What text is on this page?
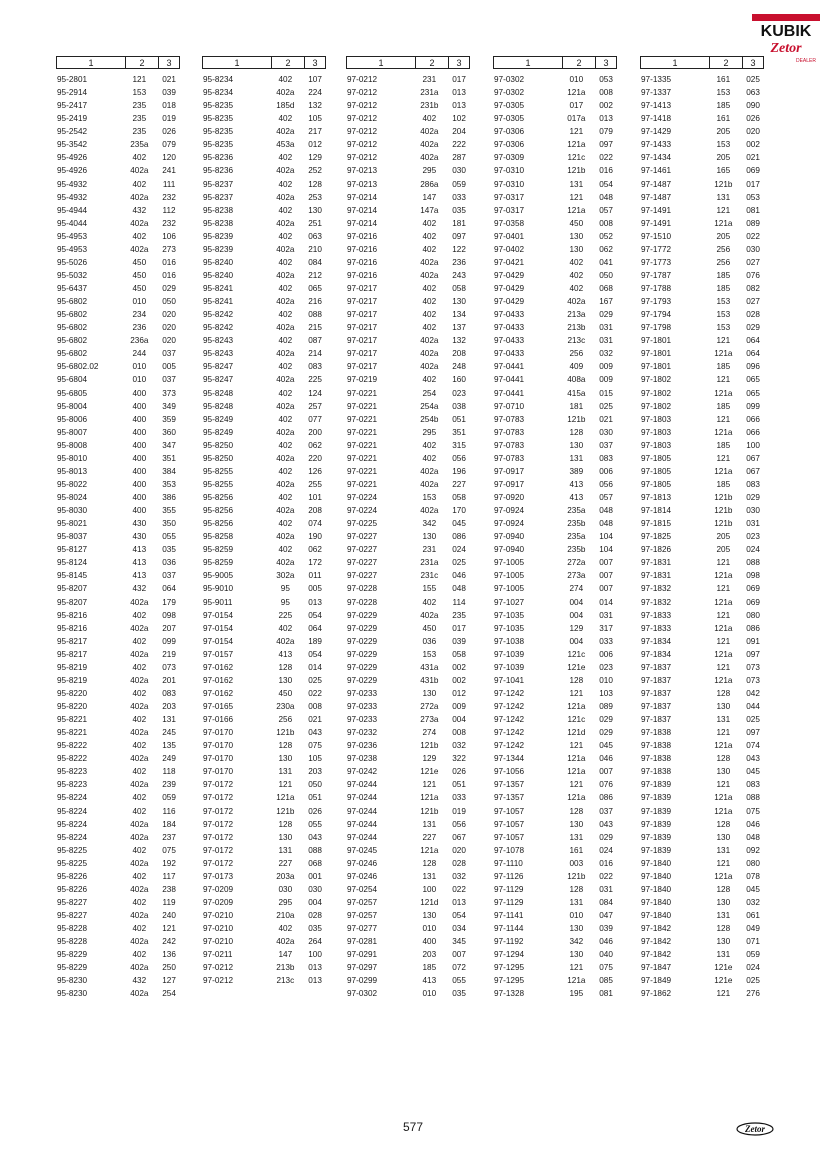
KUBIK
Zetor
DEALER
1	2	3
95-2801	121	021
95-2914	153	039
95-2417	235	018
95-2419	235	019
95-2542	235	026
95-3542	235a	079
95-4926	402	120
95-4926	402a	241
95-4932	402	111
95-4932	402a	232
95-4944	432	112
95-4044	402a	232
95-4953	402	106
95-4953	402a	273
95-5026	450	016
95-5032	450	016
95-6437	450	029
95-6802	010	050
95-6802	234	020
95-6802	236	020
95-6802	236a	020
95-6802	244	037
95-6802.02	010	005
95-6804	010	037
95-6805	400	373
95-8004	400	349
95-8006	400	359
95-8007	400	360
95-8008	400	347
95-8010	400	351
95-8013	400	384
95-8022	400	353
95-8024	400	386
95-8030	400	355
95-8021	430	350
95-8037	430	055
95-8127	413	035
95-8124	413	036
95-8145	413	037
95-8207	432	064
95-8207	402a	179
95-8216	402	098
95-8216	402a	207
95-8217	402	099
95-8217	402a	219
95-8219	402	073
95-8219	402a	201
95-8220	402	083
95-8220	402a	203
95-8221	402	131
95-8221	402a	245
95-8222	402	135
95-8222	402a	249
95-8223	402	118
95-8223	402a	239
95-8224	402	059
95-8224	402	116
95-8224	402a	184
95-8224	402a	237
95-8225	402	075
95-8225	402a	192
95-8226	402	117
95-8226	402a	238
95-8227	402	119
95-8227	402a	240
95-8228	402	121
95-8228	402a	242
95-8229	402	136
95-8229	402a	250
95-8230	432	127
95-8230	402a	254
1	2	3
95-8234	402	107
95-8234	402a	224
95-8235	185d	132
95-8235	402	105
95-8235	402a	217
95-8235	453a	012
95-8236	402	129
95-8236	402a	252
95-8237	402	128
95-8237	402a	253
95-8238	402	130
95-8238	402a	251
95-8239	402	063
95-8239	402a	210
95-8240	402	084
95-8240	402a	212
95-8241	402	065
95-8241	402a	216
95-8242	402	088
95-8242	402a	215
95-8243	402	087
95-8243	402a	214
95-8247	402	083
95-8247	402a	225
95-8248	402	124
95-8248	402a	257
95-8249	402	077
95-8249	402a	200
95-8250	402	062
95-8250	402a	220
95-8255	402	126
95-8255	402a	255
95-8256	402	101
95-8256	402a	208
95-8256	402	074
95-8258	402a	190
95-8259	402	062
95-8259	402a	172
95-9005	302a	011
95-9010	95	005
95-9011	95	013
97-0154	225	054
97-0154	402	064
97-0154	402a	189
97-0157	413	054
97-0162	128	014
97-0162	130	025
97-0162	450	022
97-0165	230a	008
97-0166	256	021
97-0170	121b	043
97-0170	128	075
97-0170	130	105
97-0170	131	203
97-0172	121	050
97-0172	121a	051
97-0172	121b	026
97-0172	128	055
97-0172	130	043
97-0172	131	088
97-0172	227	068
97-0173	203a	001
97-0209	030	030
97-0209	295	004
97-0210	210a	028
97-0210	402	035
97-0210	402a	264
97-0211	147	100
97-0212	213b	013
97-0212	213c	013
1	2	3
97-0212	231	017
97-0212	231a	013
97-0212	231b	013
97-0212	402	102
97-0212	402a	204
97-0212	402a	222
97-0212	402a	287
97-0213	295	030
97-0213	286a	059
97-0214	147	033
97-0214	147a	035
97-0214	402	181
97-0216	402	097
97-0216	402	122
97-0216	402a	236
97-0216	402a	243
97-0217	402	058
97-0217	402	130
97-0217	402	134
97-0217	402	137
97-0217	402a	132
97-0217	402a	208
97-0217	402a	248
97-0219	402	160
97-0221	254	023
97-0221	254a	038
97-0221	254b	051
97-0221	295	351
97-0221	402	315
97-0221	402	056
97-0221	402a	196
97-0221	402a	227
97-0224	153	058
97-0224	402a	170
97-0225	342	045
97-0227	130	086
97-0227	231	024
97-0227	231a	025
97-0227	231c	046
97-0228	155	048
97-0228	402	114
97-0229	402a	235
97-0229	450	017
97-0229	036	039
97-0229	153	058
97-0229	431a	002
97-0229	431b	002
97-0233	130	012
97-0233	272a	009
97-0233	273a	004
97-0232	274	008
97-0236	121b	032
97-0238	129	322
97-0242	121e	026
97-0244	121	051
97-0244	121a	033
97-0244	121b	019
97-0244	131	056
97-0244	227	067
97-0245	121a	020
97-0246	128	028
97-0246	131	032
97-0254	100	022
97-0257	121d	013
97-0257	130	054
97-0277	010	034
97-0281	400	345
97-0291	203	007
97-0297	185	072
97-0299	413	055
97-0302	010	035
1	2	3
97-0302	010	053
97-0302	121a	008
97-0305	017	002
97-0305	017a	013
97-0306	121	079
97-0306	121a	097
97-0309	121c	022
97-0310	121b	016
97-0310	131	054
97-0317	121	048
97-0317	121a	057
97-0358	450	008
97-0401	130	052
97-0402	130	062
97-0421	402	041
97-0429	402	050
97-0429	402	068
97-0429	402a	167
97-0433	213a	029
97-0433	213b	031
97-0433	213c	031
97-0433	256	032
97-0441	409	009
97-0441	408a	009
97-0441	415a	015
97-0710	181	025
97-0783	121b	021
97-0783	128	030
97-0783	130	037
97-0783	131	083
97-0917	389	006
97-0917	413	056
97-0920	413	057
97-0924	235a	048
97-0924	235b	048
97-0940	235a	104
97-0940	235b	104
97-1005	272a	007
97-1005	273a	007
97-1005	274	007
97-1027	004	014
97-1035	004	031
97-1035	129	317
97-1038	004	033
97-1039	121c	006
97-1039	121e	023
97-1041	128	010
97-1242	121	103
97-1242	121a	089
97-1242	121c	029
97-1242	121d	029
97-1242	121	045
97-1344	121a	046
97-1056	121a	007
97-1357	121	076
97-1357	121a	086
97-1057	128	037
97-1057	130	043
97-1057	131	029
97-1078	161	024
97-1110	003	016
97-1126	121b	022
97-1129	128	031
97-1129	131	084
97-1141	010	047
97-1144	130	039
97-1192	342	046
97-1294	130	040
97-1295	121	075
97-1295	121a	085
97-1328	195	081
1	2	3
97-1335	161	025
97-1337	153	063
97-1413	185	090
97-1418	161	026
97-1429	205	020
97-1433	153	002
97-1434	205	021
97-1461	165	069
97-1487	121b	017
97-1487	131	053
97-1491	121	081
97-1491	121a	089
97-1510	205	022
97-1772	256	030
97-1773	256	027
97-1787	185	076
97-1788	185	082
97-1793	153	027
97-1794	153	028
97-1798	153	029
97-1801	121	064
97-1801	121a	064
97-1801	185	096
97-1802	121	065
97-1802	121a	065
97-1802	185	099
97-1803	121	066
97-1803	121a	066
97-1803	185	100
97-1805	121	067
97-1805	121a	067
97-1805	185	083
97-1813	121b	029
97-1814	121b	030
97-1815	121b	031
97-1825	205	023
97-1826	205	024
97-1831	121	088
97-1831	121a	098
97-1832	121	069
97-1832	121a	069
97-1833	121	080
97-1833	121a	086
97-1834	121	091
97-1834	121a	097
97-1837	121	073
97-1837	121a	073
97-1837	128	042
97-1837	130	044
97-1837	131	025
97-1838	121	097
97-1838	121a	074
97-1838	128	043
97-1838	130	045
97-1839	121	083
97-1839	121a	088
97-1839	121a	075
97-1839	128	046
97-1839	130	048
97-1839	131	092
97-1840	121	080
97-1840	121a	078
97-1840	128	045
97-1840	130	032
97-1840	131	061
97-1842	128	049
97-1842	130	071
97-1842	131	059
97-1847	121e	024
97-1849	121e	025
97-1862	121	276
577	Zetor
